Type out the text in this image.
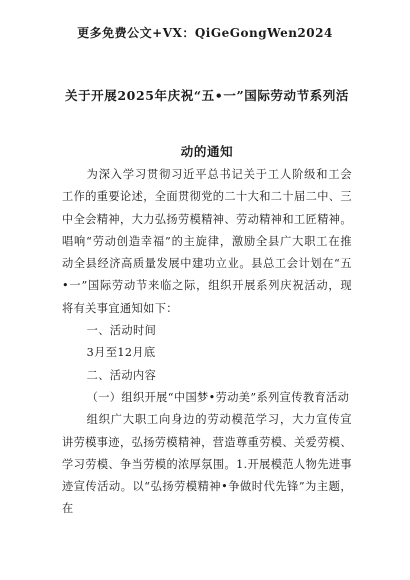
更多免费公文+VX：QiGeGongWen2024
关于开展2025年庆祝“五•一”国际劳动节系列活动的通知

为深入学习贯彻习近平总书记关于工人阶级和工会工作的重要论述，全面贯彻党的二十大和二十届二中、三中全会精神，大力弘扬劳模精神、劳动精神和工匠精神。唱响“劳动创造幸福”的主旋律，激励全县广大职工在推动全县经济高质量发展中建功立业。县总工会计划在“五•一”国际劳动节来临之际，组织开展系列庆祝活动，现将有关事宜通知如下：

一、活动时间

3月至12月底

二、活动内容

（一）组织开展“中国梦•劳动美”系列宣传教育活动

组织广大职工向身边的劳动模范学习，大力宣传宣讲劳模事迹，弘扬劳模精神，营造尊重劳模、关爱劳模、学习劳模、争当劳模的浓厚氛围。1.开展模范人物先进事迹宣传活动。以“弘扬劳模精神•争做时代先锋”为主题，在
